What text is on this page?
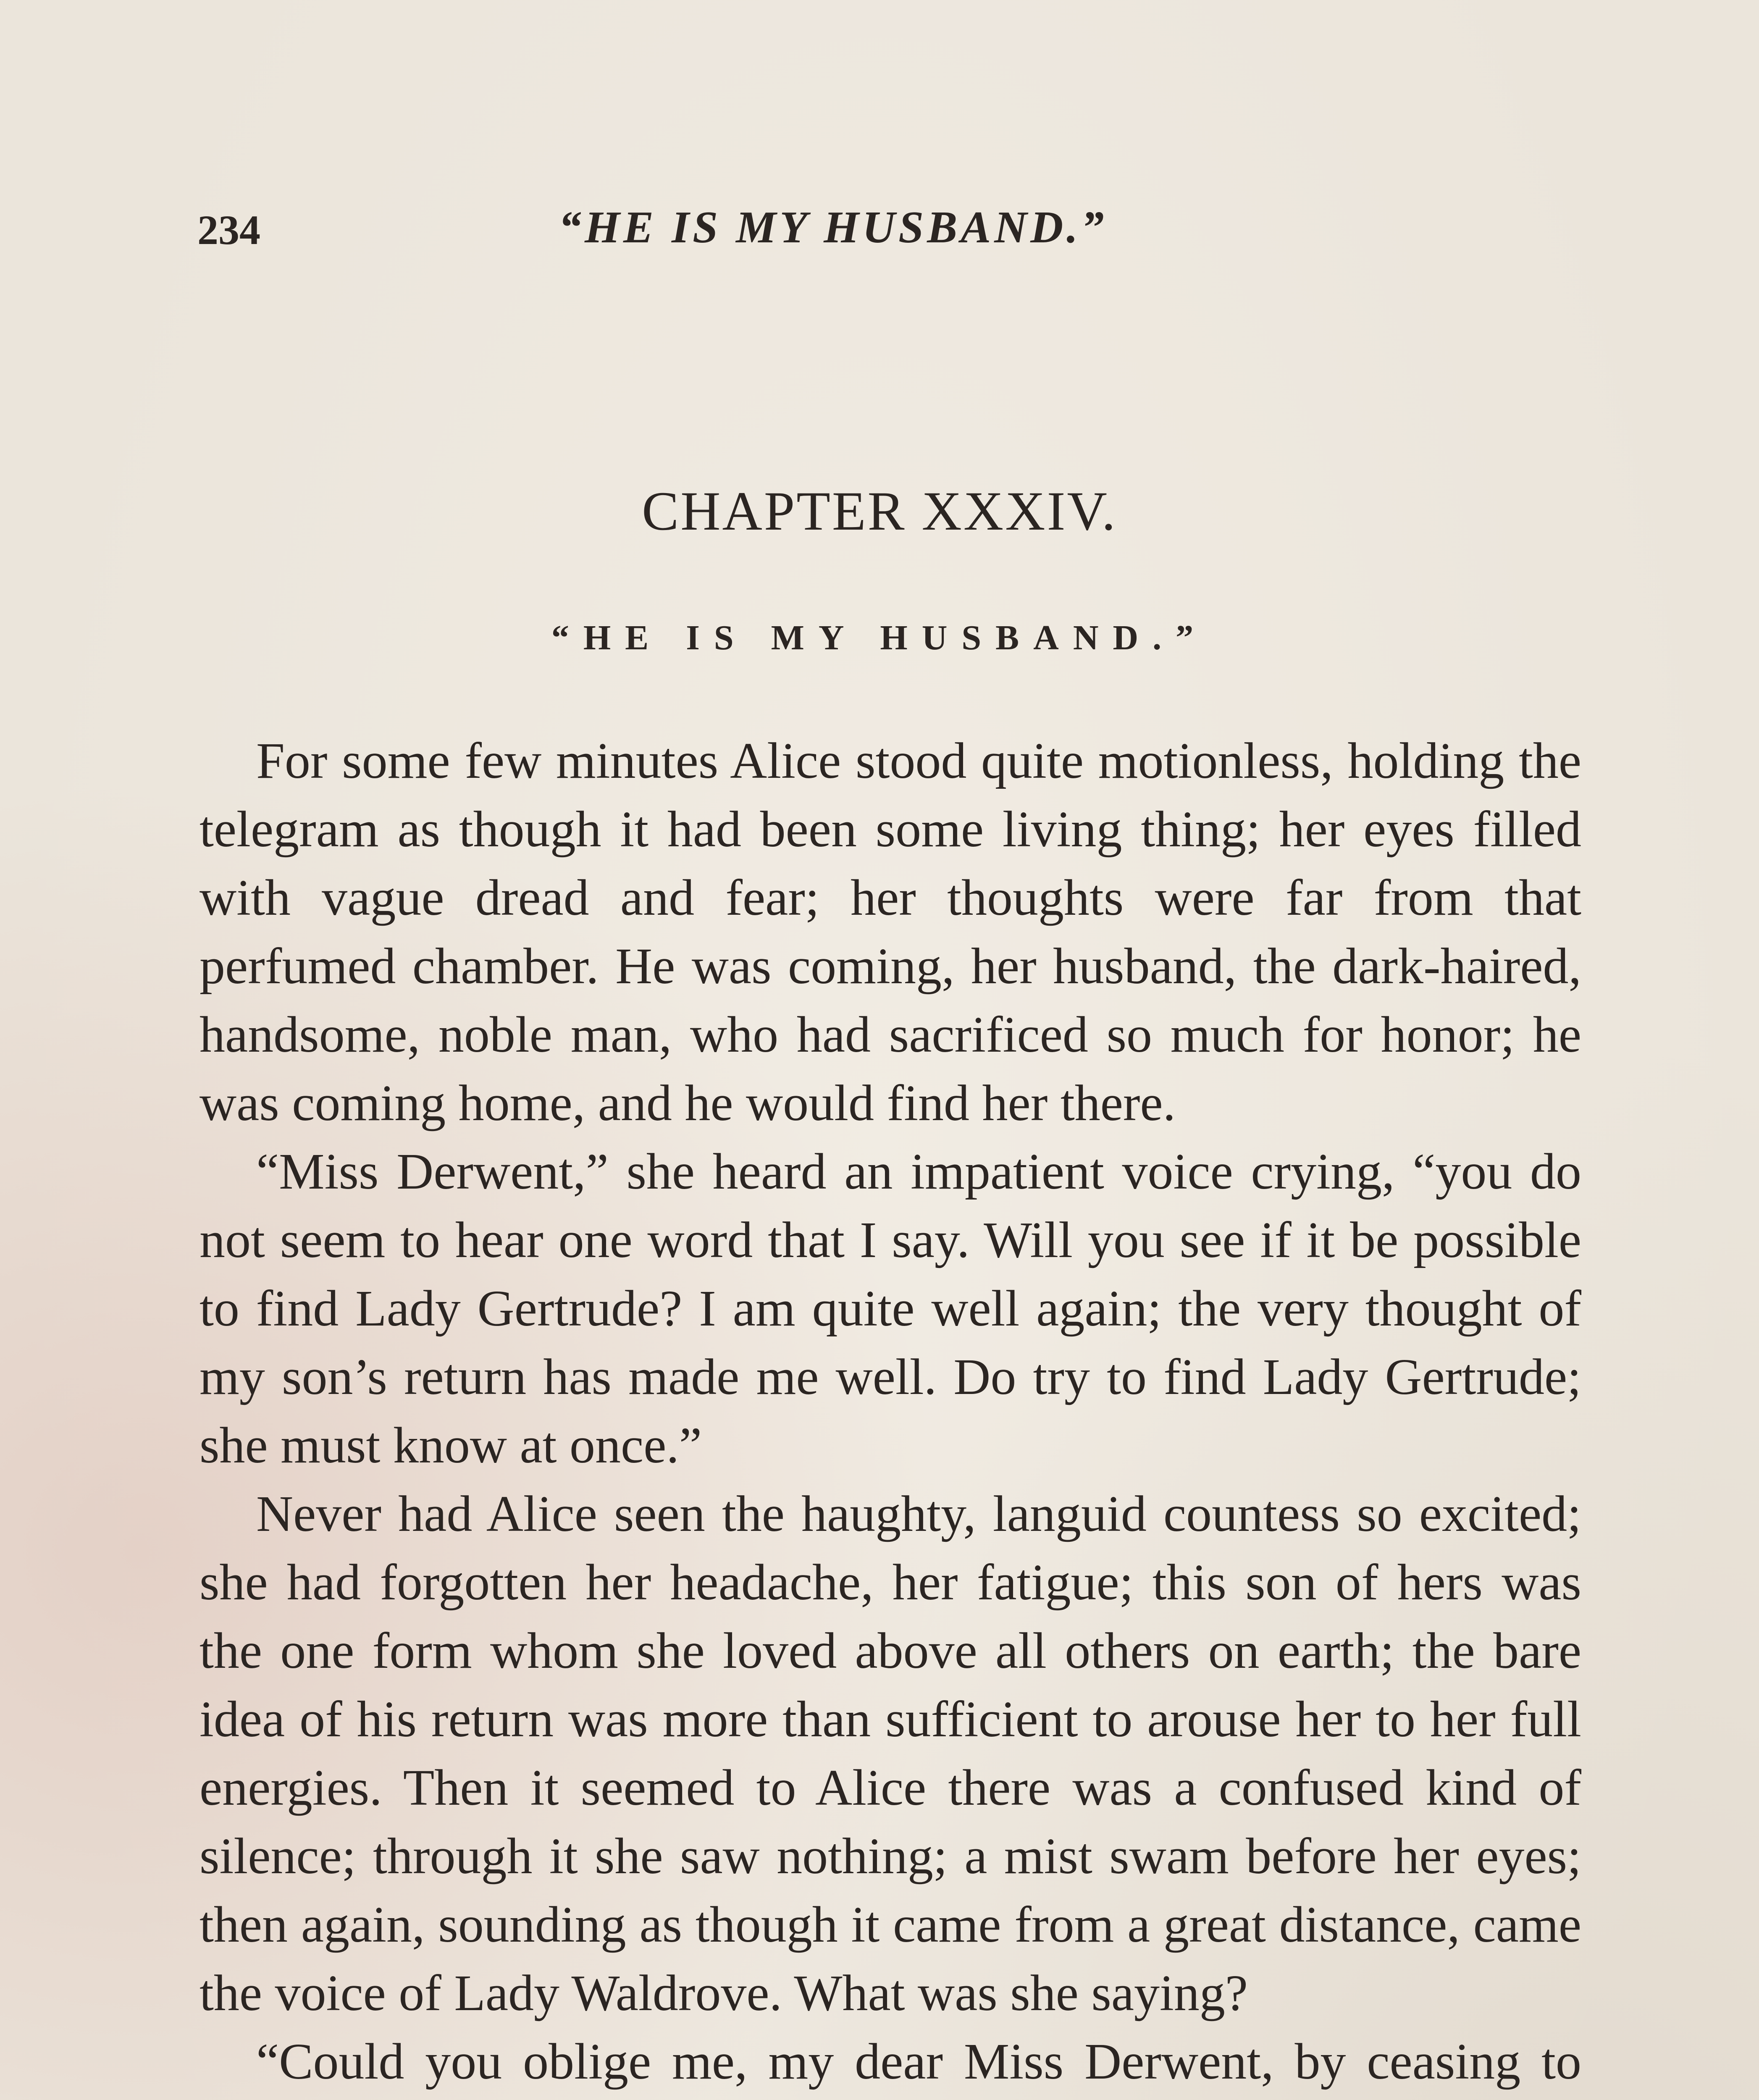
234	“HE IS MY HUSBAND.”
CHAPTER XXXIV.
“HE IS MY HUSBAND.”

For some few minutes Alice stood quite motionless, holding the telegram as though it had been some living thing; her eyes filled with vague dread and fear; her thoughts were far from that perfumed chamber. He was coming, her husband, the dark-haired, handsome, noble man, who had sacrificed so much for honor; he was coming home, and he would find her there.

“Miss Derwent,” she heard an impatient voice crying, “you do not seem to hear one word that I say. Will you see if it be possible to find Lady Gertrude? I am quite well again; the very thought of my son’s return has made me well. Do try to find Lady Gertrude; she must know at once.”

Never had Alice seen the haughty, languid countess so excited; she had forgotten her headache, her fatigue; this son of hers was the one form whom she loved above all others on earth; the bare idea of his return was more than sufficient to arouse her to her full energies. Then it seemed to Alice there was a confused kind of silence; through it she saw nothing; a mist swam before her eyes; then again, sounding as though it came from a great distance, came the voice of Lady Waldrove. What was she saying?

“Could you oblige me, my dear Miss Derwent, by ceasing to
